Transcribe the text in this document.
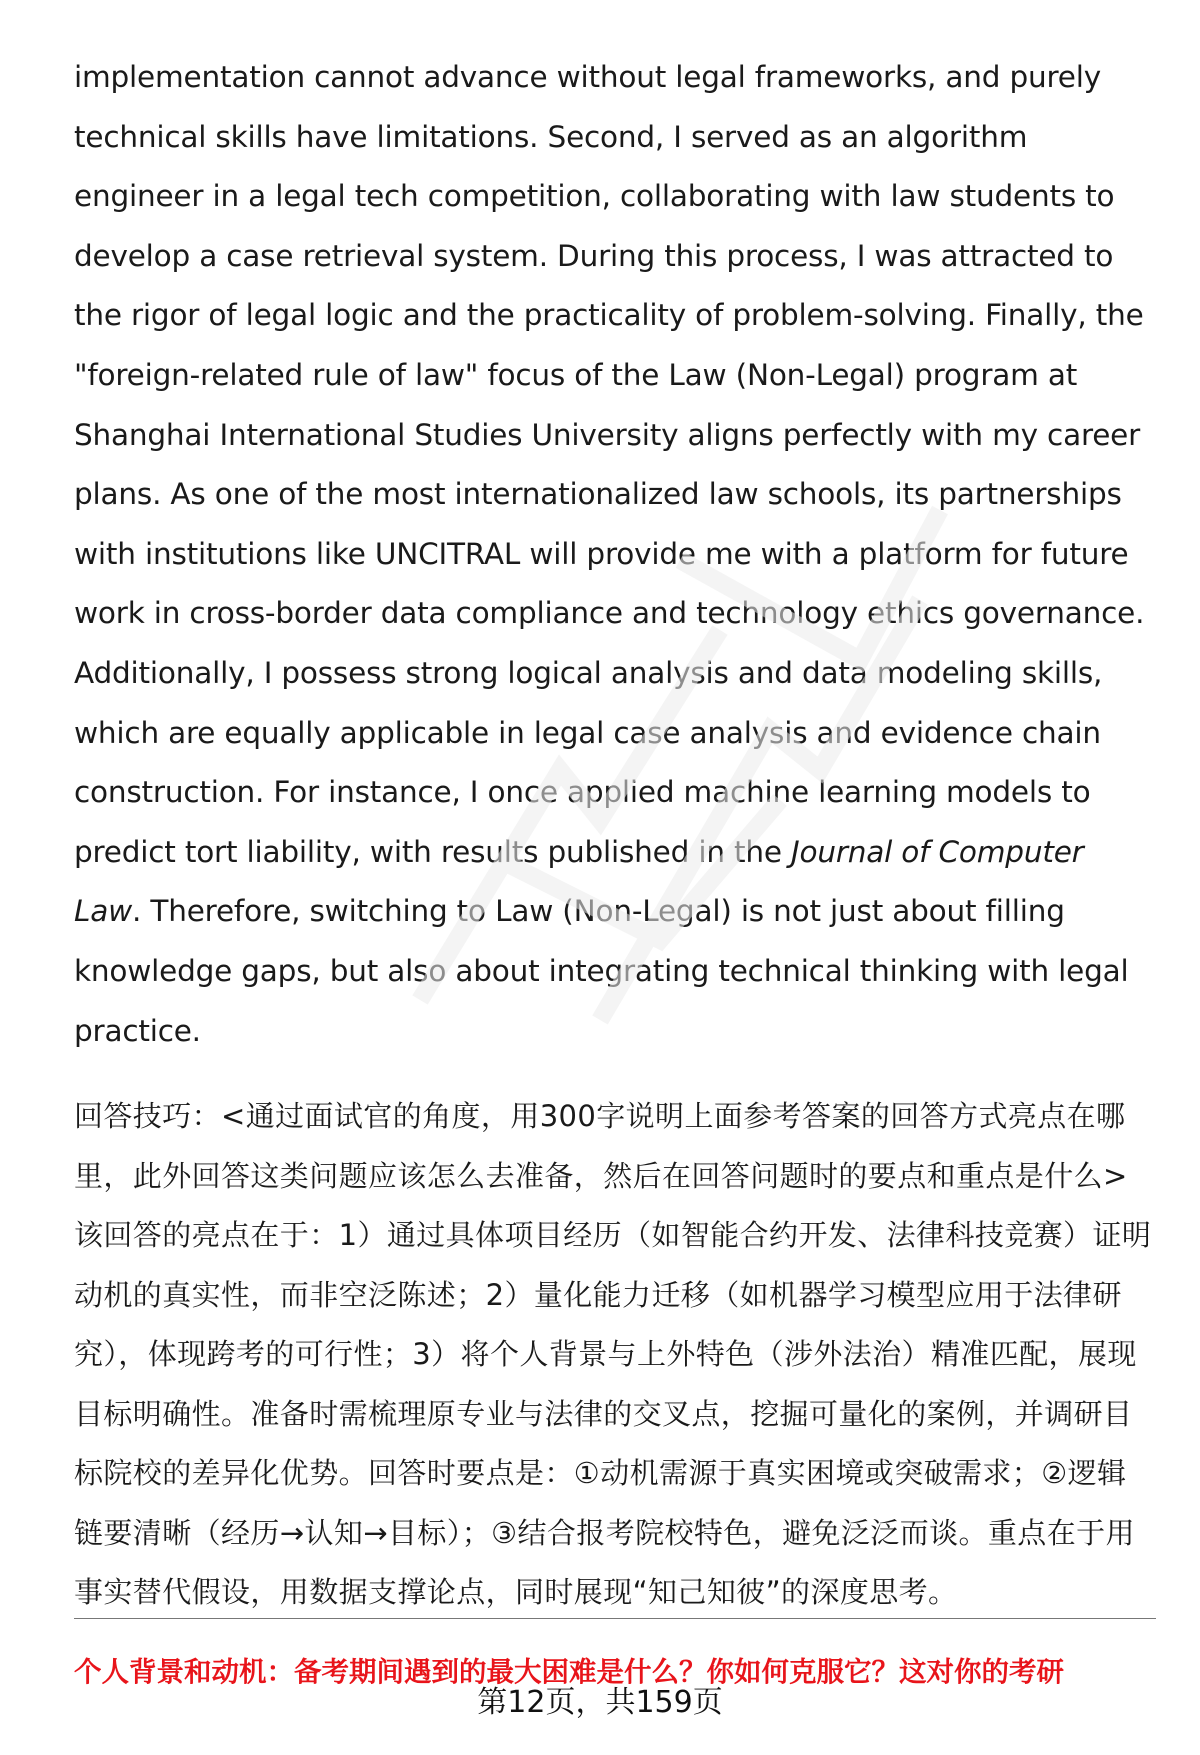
implementation cannot advance without legal frameworks, and purely technical skills have limitations. Second, I served as an algorithm engineer in a legal tech competition, collaborating with law students to develop a case retrieval system. During this process, I was attracted to the rigor of legal logic and the practicality of problem-solving. Finally, the "foreign-related rule of law" focus of the Law (Non-Legal) program at Shanghai International Studies University aligns perfectly with my career plans. As one of the most internationalized law schools, its partnerships with institutions like UNCITRAL will provide me with a platform for future work in cross-border data compliance and technology ethics governance. Additionally, I possess strong logical analysis and data modeling skills, which are equally applicable in legal case analysis and evidence chain construction. For instance, I once applied machine learning models to predict tort liability, with results published in the Journal of Computer Law. Therefore, switching to Law (Non-Legal) is not just about filling knowledge gaps, but also about integrating technical thinking with legal practice.

回答技巧：<通过面试官的角度，用300字说明上面参考答案的回答方式亮点在哪里，此外回答这类问题应该怎么去准备，然后在回答问题时的要点和重点是什么>该回答的亮点在于：1）通过具体项目经历（如智能合约开发、法律科技竞赛）证明动机的真实性，而非空泛陈述；2）量化能力迁移（如机器学习模型应用于法律研究），体现跨考的可行性；3）将个人背景与上外特色（涉外法治）精准匹配，展现目标明确性。准备时需梳理原专业与法律的交叉点，挖掘可量化的案例，并调研目标院校的差异化优势。回答时要点是：①动机需源于真实困境或突破需求；②逻辑链要清晰（经历→认知→目标）；③结合报考院校特色，避免泛泛而谈。重点在于用事实替代假设，用数据支撑论点，同时展现“知己知彼”的深度思考。

个人背景和动机：备考期间遇到的最大困难是什么？你如何克服它？这对你的考研
第12页，共159页
